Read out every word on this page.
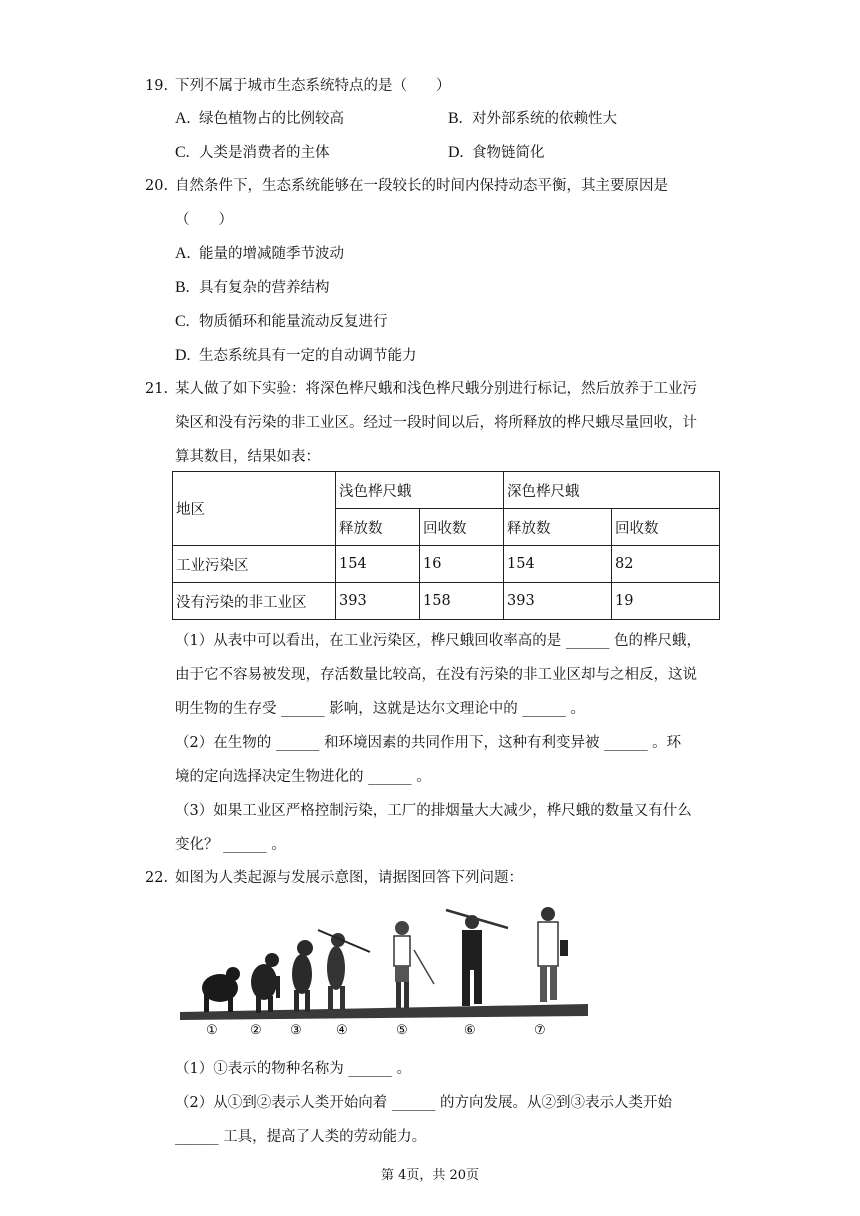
19. 下列不属于城市生态系统特点的是（　　）
A. 绿色植物占的比例较高	B. 对外部系统的依赖性大
C. 人类是消费者的主体	D. 食物链简化
20. 自然条件下，生态系统能够在一段较长的时间内保持动态平衡，其主要原因是
（　　）
A. 能量的增减随季节波动
B. 具有复杂的营养结构
C. 物质循环和能量流动反复进行
D. 生态系统具有一定的自动调节能力
21. 某人做了如下实验：将深色桦尺蛾和浅色桦尺蛾分别进行标记，然后放养于工业污
染区和没有污染的非工业区。经过一段时间以后，将所释放的桦尺蛾尽量回收，计
算其数目，结果如表：
地区	浅色桦尺蛾		深色桦尺蛾	
	释放数	回收数	释放数	回收数
工业污染区	154	16	154	82
没有污染的非工业区	393	158	393	19
（1）从表中可以看出，在工业污染区，桦尺蛾回收率高的是 ______ 色的桦尺蛾，
由于它不容易被发现，存活数量比较高，在没有污染的非工业区却与之相反，这说
明生物的生存受 ______ 影响，这就是达尔文理论中的 ______ 。
（2）在生物的 ______ 和环境因素的共同作用下，这种有利变异被 ______ 。环
境的定向选择决定生物进化的 ______ 。
（3）如果工业区严格控制污染，工厂的排烟量大大减少，桦尺蛾的数量又有什么
变化？ ______ 。
22. 如图为人类起源与发展示意图，请据图回答下列问题：
① ② ③	④	⑤	⑥	⑦
（1）①表示的物种名称为 ______ 。
（2）从①到②表示人类开始向着 ______ 的方向发展。从②到③表示人类开始
______ 工具，提高了人类的劳动能力。
第 4页，共 20页
